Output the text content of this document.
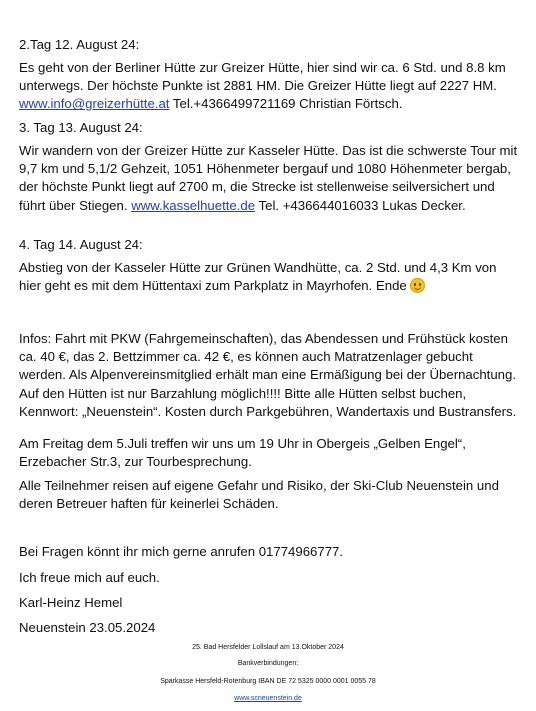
2.Tag 12. August 24:

Es geht von der Berliner Hütte zur Greizer Hütte, hier sind wir ca. 6 Std. und 8.8 km unterwegs. Der höchste Punkte ist 2881 HM. Die Greizer Hütte liegt auf 2227 HM. www.info@greizerhütte.at Tel.+4366499721169 Christian Förtsch.

3. Tag 13. August 24:

Wir wandern von der Greizer Hütte zur Kasseler Hütte. Das ist die schwerste Tour mit 9,7 km und 5,1/2 Gehzeit, 1051 Höhenmeter bergauf und 1080 Höhenmeter bergab, der höchste Punkt liegt auf 2700 m, die Strecke ist stellenweise seilversichert und führt über Stiegen. www.kasselhuette.de Tel. +436644016033 Lukas Decker.

4. Tag 14. August 24:

Abstieg von der Kasseler Hütte zur Grünen Wandhütte, ca. 2 Std. und 4,3 Km von hier geht es mit dem Hüttentaxi zum Parkplatz in Mayrhofen. Ende

Infos: Fahrt mit PKW (Fahrgemeinschaften), das Abendessen und Frühstück kosten ca. 40 €, das 2. Bettzimmer ca. 42 €, es können auch Matratzenlager gebucht werden. Als Alpenvereinsmitglied erhält man eine Ermäßigung bei der Übernachtung. Auf den Hütten ist nur Barzahlung möglich!!!! Bitte alle Hütten selbst buchen, Kennwort: „Neuenstein“. Kosten durch Parkgebühren, Wandertaxis und Bustransfers.

Am Freitag dem 5.Juli treffen wir uns um 19 Uhr in Obergeis „Gelben Engel“, Erzebacher Str.3, zur Tourbesprechung.

Alle Teilnehmer reisen auf eigene Gefahr und Risiko, der Ski-Club Neuenstein und deren Betreuer haften für keinerlei Schäden.

Bei Fragen könnt ihr mich gerne anrufen 01774966777.

Ich freue mich auf euch.

Karl-Heinz Hemel

Neuenstein 23.05.2024

25. Bad Hersfelder Lollslauf am 13.Oktober 2024
Bankverbindungen:
Sparkasse Hersfeld-Rotenburg IBAN DE 72 5325 0000 0001 0055 78
www.scneuenstein.de
